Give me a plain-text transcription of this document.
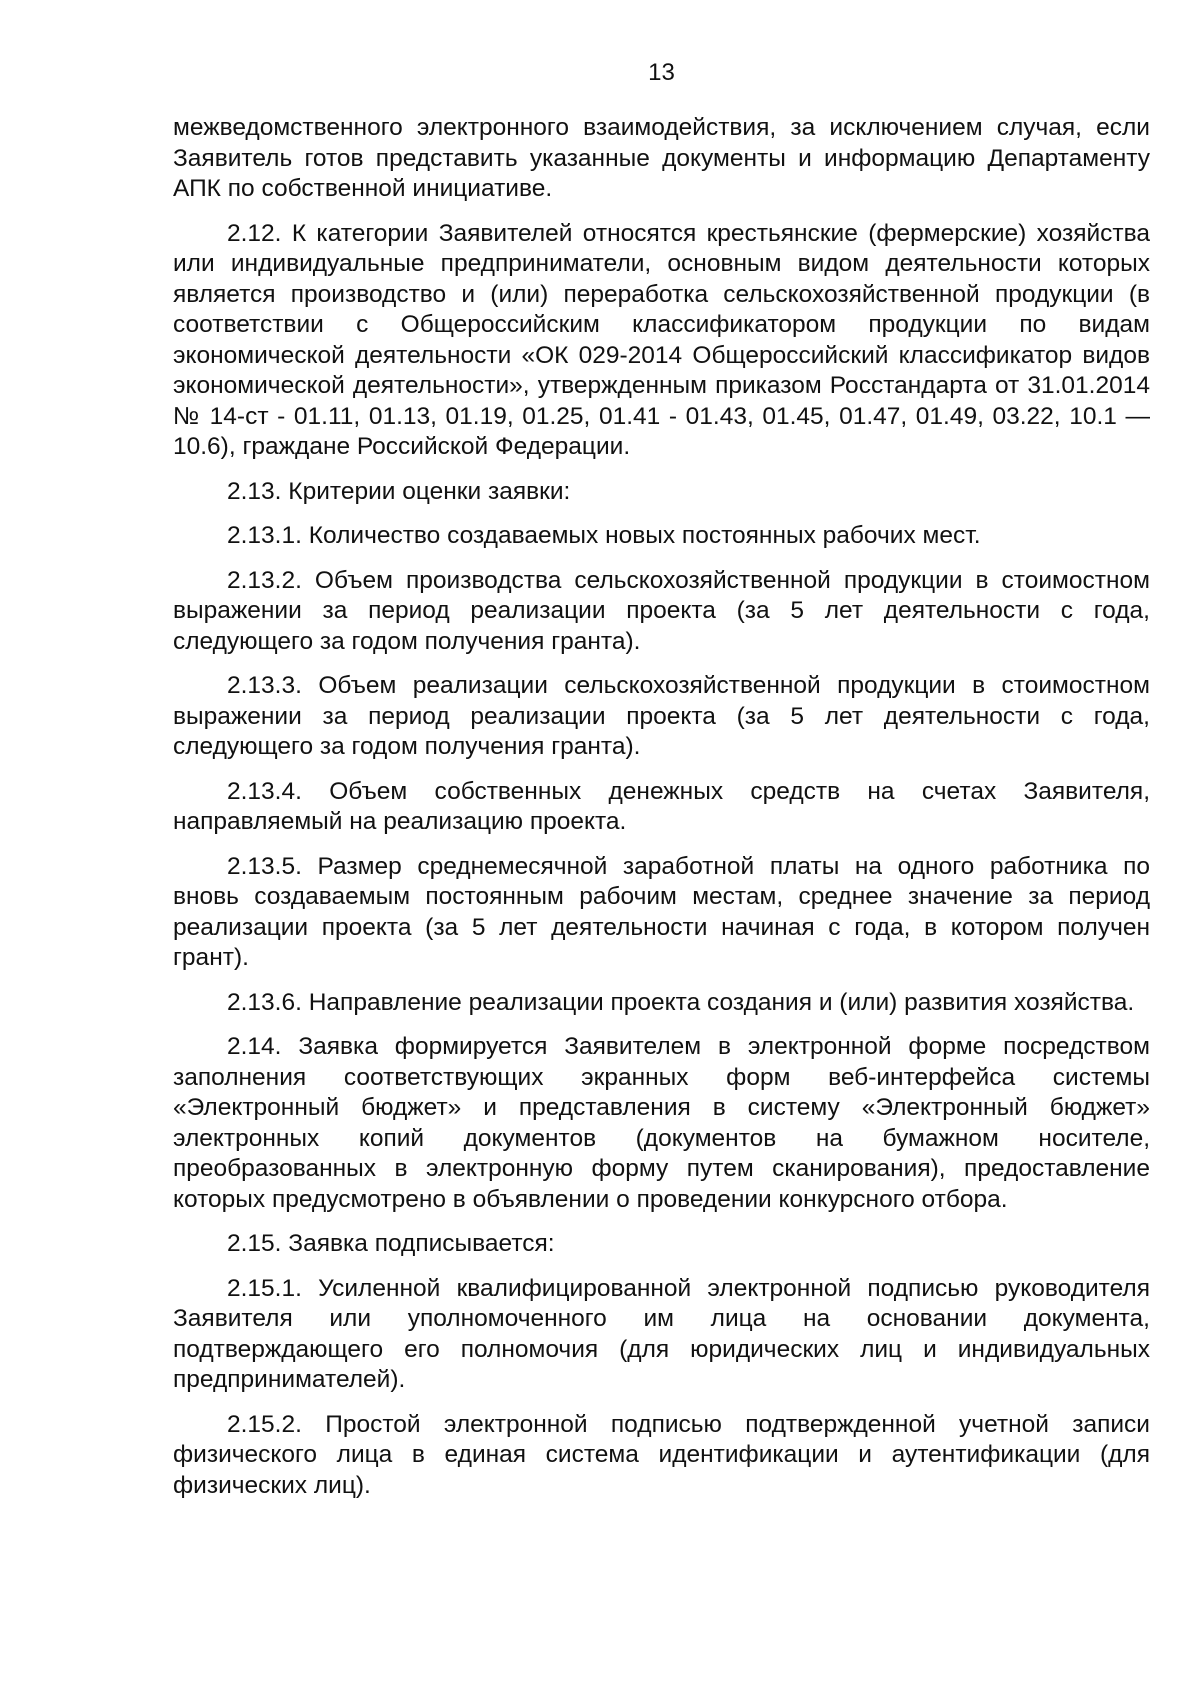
13

межведомственного электронного взаимодействия, за исключением случая, если Заявитель готов представить указанные документы и информацию Департаменту АПК по собственной инициативе.

2.12. К категории Заявителей относятся крестьянские (фермерские) хозяйства или индивидуальные предприниматели, основным видом деятельности которых является производство и (или) переработка сельскохозяйственной продукции (в соответствии с Общероссийским классификатором продукции по видам экономической деятельности «ОК 029-2014 Общероссийский классификатор видов экономической деятельности», утвержденным приказом Росстандарта от 31.01.2014 № 14-ст - 01.11, 01.13, 01.19, 01.25, 01.41 - 01.43, 01.45, 01.47, 01.49, 03.22, 10.1 — 10.6), граждане Российской Федерации.

2.13. Критерии оценки заявки:

2.13.1. Количество создаваемых новых постоянных рабочих мест.

2.13.2. Объем производства сельскохозяйственной продукции в стоимостном выражении за период реализации проекта (за 5 лет деятельности с года, следующего за годом получения гранта).

2.13.3. Объем реализации сельскохозяйственной продукции в стоимостном выражении за период реализации проекта (за 5 лет деятельности с года, следующего за годом получения гранта).

2.13.4. Объем собственных денежных средств на счетах Заявителя, направляемый на реализацию проекта.

2.13.5. Размер среднемесячной заработной платы на одного работника по вновь создаваемым постоянным рабочим местам, среднее значение за период реализации проекта (за 5 лет деятельности начиная с года, в котором получен грант).

2.13.6. Направление реализации проекта создания и (или) развития хозяйства.

2.14. Заявка формируется Заявителем в электронной форме посредством заполнения соответствующих экранных форм веб-интерфейса системы «Электронный бюджет» и представления в систему «Электронный бюджет» электронных копий документов (документов на бумажном носителе, преобразованных в электронную форму путем сканирования), предоставление которых предусмотрено в объявлении о проведении конкурсного отбора.

2.15. Заявка подписывается:

2.15.1. Усиленной квалифицированной электронной подписью руководителя Заявителя или уполномоченного им лица на основании документа, подтверждающего его полномочия (для юридических лиц и индивидуальных предпринимателей).

2.15.2. Простой электронной подписью подтвержденной учетной записи физического лица в единая система идентификации и аутентификации (для физических лиц).
